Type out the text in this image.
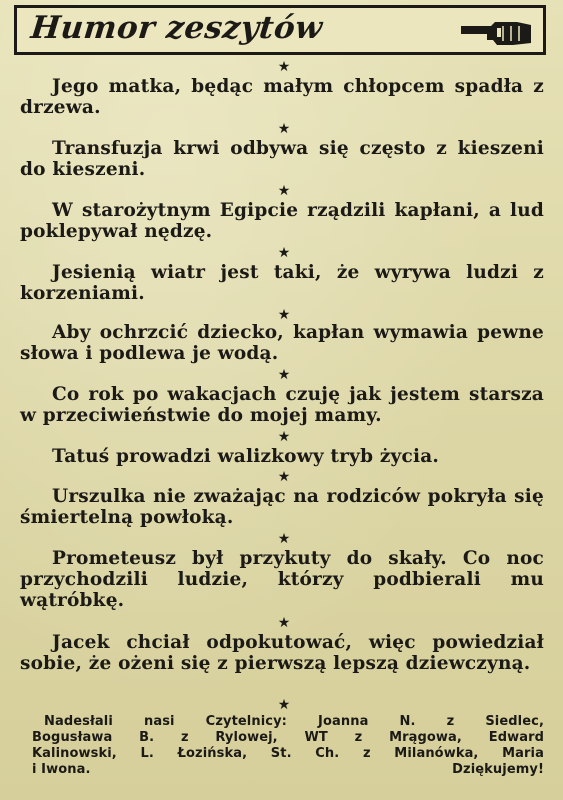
Humor zeszytów
★

Jego matka, będąc małym chłopcem spadła z drzewa.

★

Transfuzja krwi odbywa się często z kieszeni do kieszeni.

★

W starożytnym Egipcie rządzili kapłani, a lud poklepywał nędzę.

★

Jesienią wiatr jest taki, że wyrywa ludzi z korzeniami.

★

Aby ochrzcić dziecko, kapłan wymawia pewne słowa i podlewa je wodą.

★

Co rok po wakacjach czuję jak jestem starsza w przeciwieństwie do mojej mamy.

★

Tatuś prowadzi walizkowy tryb życia.

★

Urszulka nie zważając na rodziców pokryła się śmiertelną powłoką.

★

Prometeusz był przykuty do skały. Co noc przychodzili ludzie, którzy podbierali mu wątróbkę.

★

Jacek chciał odpokutować, więc powiedział sobie, że ożeni się z pierwszą lepszą dziewczyną.

★
Nadesłali nasi Czytelnicy: Joanna N. z Siedlec,
Bogusława B. z Rylowej, WT z Mrągowa, Edward
Kalinowski, L. Łozińska, St. Ch. z Milanówka, Maria
i Iwona.	Dziękujemy!
